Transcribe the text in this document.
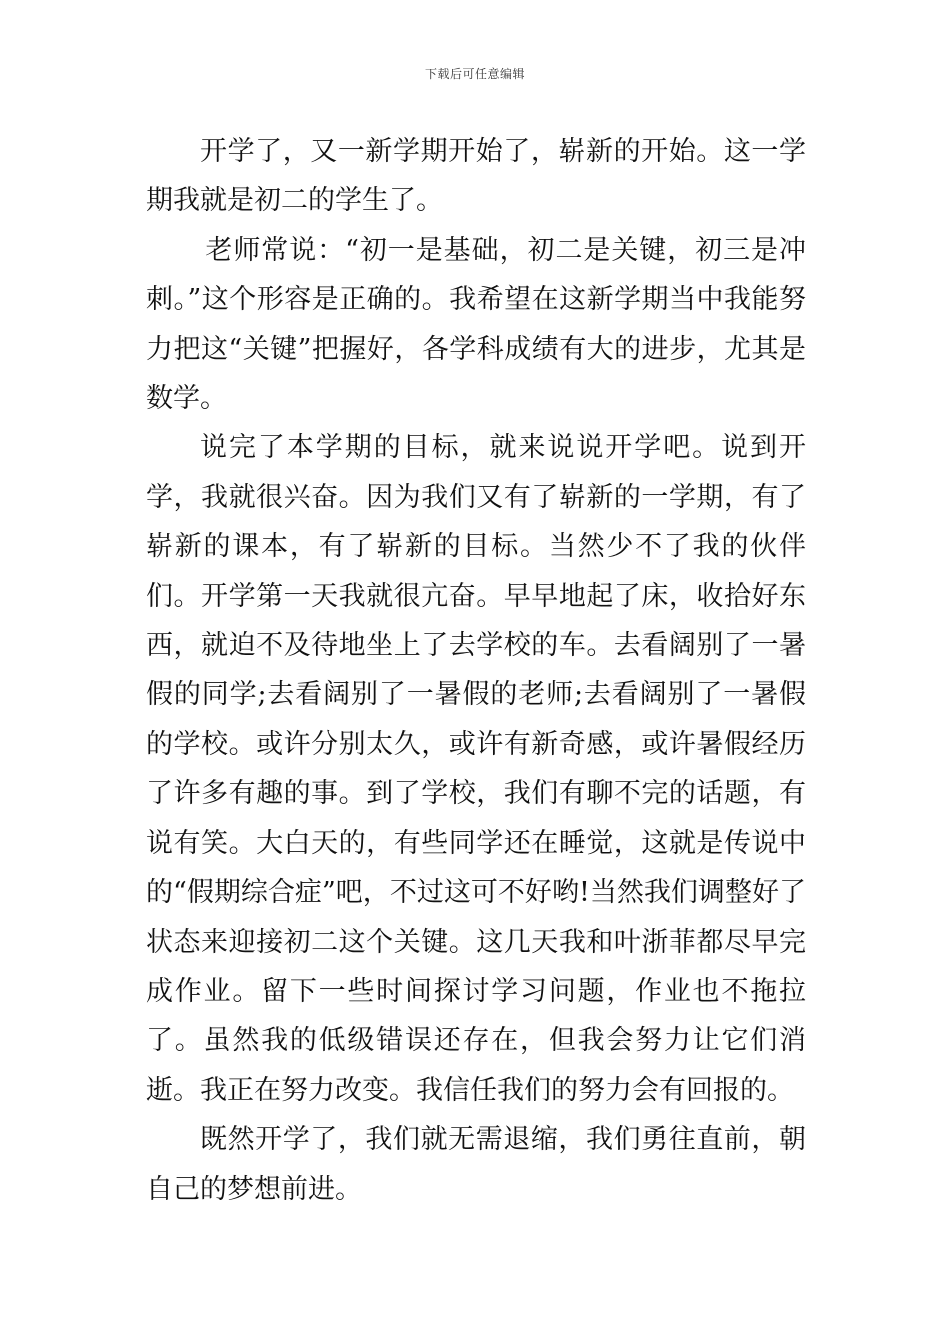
下载后可任意编辑

开学了，又一新学期开始了，崭新的开始。这一学期我就是初二的学生了。

老师常说：“初一是基础，初二是关键，初三是冲刺。”这个形容是正确的。我希望在这新学期当中我能努力把这“关键”把握好，各学科成绩有大的进步，尤其是数学。

说完了本学期的目标，就来说说开学吧。说到开学，我就很兴奋。因为我们又有了崭新的一学期，有了崭新的课本，有了崭新的目标。当然少不了我的伙伴们。开学第一天我就很亢奋。早早地起了床，收拾好东西，就迫不及待地坐上了去学校的车。去看阔别了一暑假的同学;去看阔别了一暑假的老师;去看阔别了一暑假的学校。或许分别太久，或许有新奇感，或许暑假经历了许多有趣的事。到了学校，我们有聊不完的话题，有说有笑。大白天的，有些同学还在睡觉，这就是传说中的“假期综合症”吧，不过这可不好哟!当然我们调整好了状态来迎接初二这个关键。这几天我和叶浙菲都尽早完成作业。留下一些时间探讨学习问题，作业也不拖拉了。虽然我的低级错误还存在，但我会努力让它们消逝。我正在努力改变。我信任我们的努力会有回报的。

既然开学了，我们就无需退缩，我们勇往直前，朝自己的梦想前进。
